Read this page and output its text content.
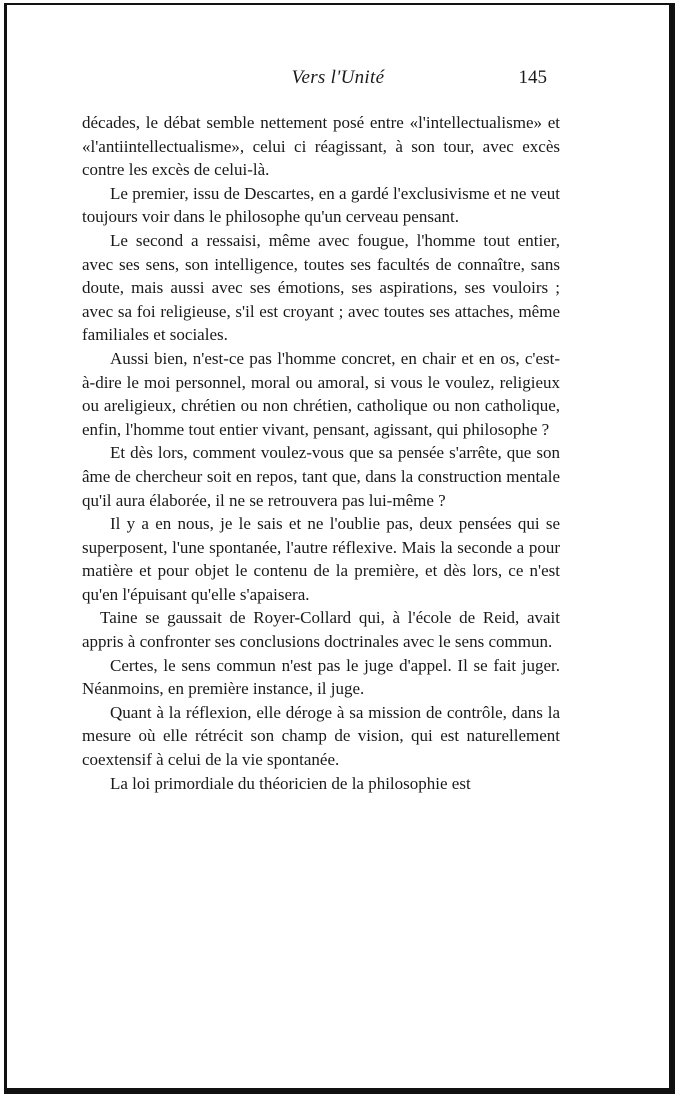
Vers l'Unité	145

décades, le débat semble nettement posé entre «l'intellectualisme» et «l'antiintellectualisme», celui ci réagissant, à son tour, avec excès contre les excès de celui-là.

Le premier, issu de Descartes, en a gardé l'exclusivisme et ne veut toujours voir dans le philosophe qu'un cerveau pensant.

Le second a ressaisi, même avec fougue, l'homme tout entier, avec ses sens, son intelligence, toutes ses facultés de connaître, sans doute, mais aussi avec ses émotions, ses aspirations, ses vouloirs ; avec sa foi religieuse, s'il est croyant ; avec toutes ses attaches, même familiales et sociales.

Aussi bien, n'est-ce pas l'homme concret, en chair et en os, c'est-à-dire le moi personnel, moral ou amoral, si vous le voulez, religieux ou areligieux, chrétien ou non chrétien, catholique ou non catholique, enfin, l'homme tout entier vivant, pensant, agissant, qui philosophe ?

Et dès lors, comment voulez-vous que sa pensée s'arrête, que son âme de chercheur soit en repos, tant que, dans la construction mentale qu'il aura élaborée, il ne se retrouvera pas lui-même ?

Il y a en nous, je le sais et ne l'oublie pas, deux pensées qui se superposent, l'une spontanée, l'autre réflexive. Mais la seconde a pour matière et pour objet le contenu de la première, et dès lors, ce n'est qu'en l'épuisant qu'elle s'apaisera.

Taine se gaussait de Royer-Collard qui, à l'école de Reid, avait appris à confronter ses conclusions doctrinales avec le sens commun.

Certes, le sens commun n'est pas le juge d'appel. Il se fait juger. Néanmoins, en première instance, il juge.

Quant à la réflexion, elle déroge à sa mission de contrôle, dans la mesure où elle rétrécit son champ de vision, qui est naturellement coextensif à celui de la vie spontanée.

La loi primordiale du théoricien de la philosophie est
